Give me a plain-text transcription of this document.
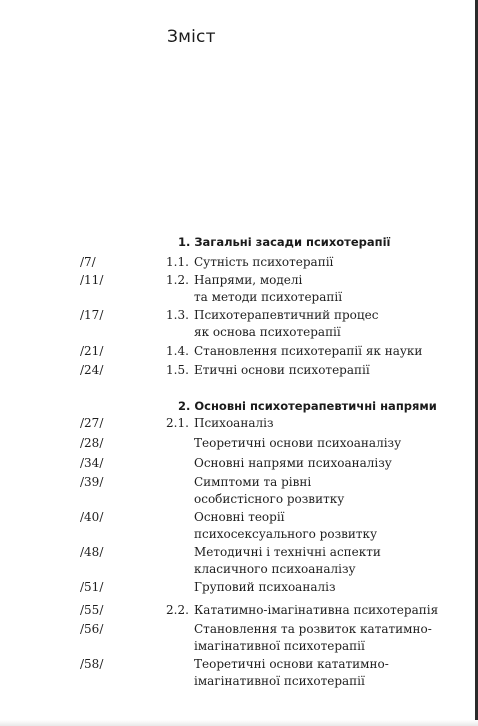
Зміст
1. Загальні засади психотерапії
/7/	1.1. Сутність психотерапії
/11/	1.2. Напрями, моделі
та методи психотерапії
/17/	1.3. Психотерапевтичний процес
як основа психотерапії
/21/	1.4. Становлення психотерапії як науки
/24/	1.5. Етичні основи психотерапії
2. Основні психотерапевтичні напрями
/27/	2.1. Психоаналіз
/28/	Теоретичні основи психоаналізу
/34/	Основні напрями психоаналізу
/39/	Симптоми та рівні
особистісного розвитку
/40/	Основні теорії
психосексуального розвитку
/48/	Методичні і технічні аспекти
класичного психоаналізу
/51/	Груповий психоаналіз
/55/	2.2. Кататимно-імагінативна психотерапія
/56/	Становлення та розвиток кататимно-
імагінативної психотерапії
/58/	Теоретичні основи кататимно-
імагінативної психотерапії
